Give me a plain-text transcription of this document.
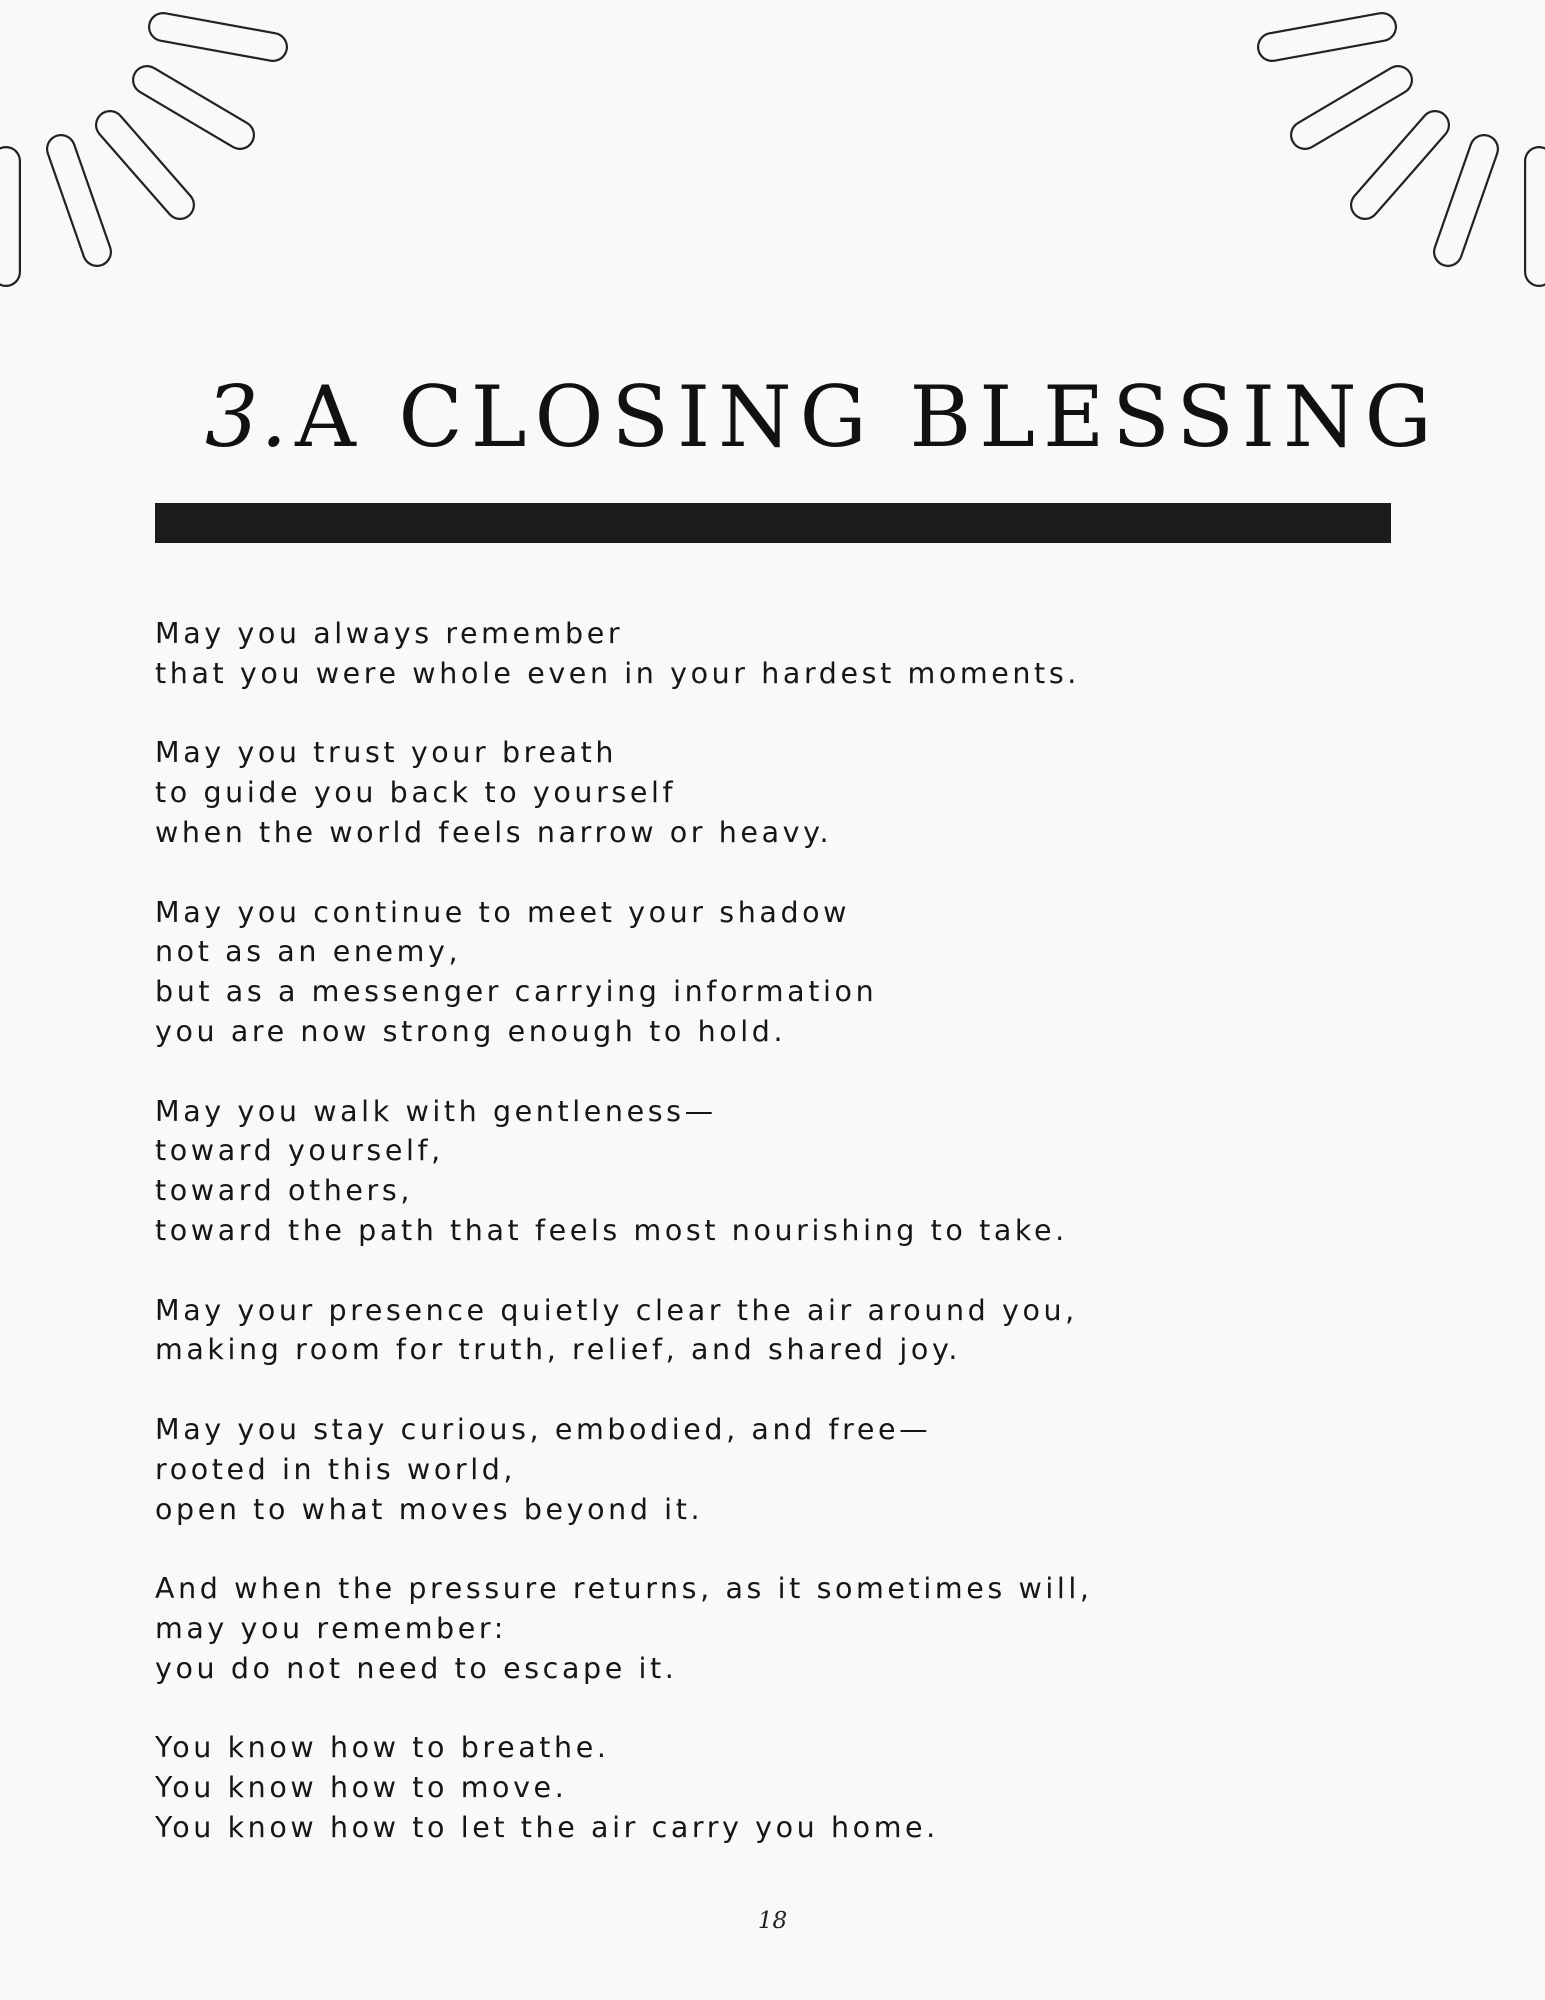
3.A CLOSING BLESSING

May you always remember
that you were whole even in your hardest moments.

May you trust your breath
to guide you back to yourself
when the world feels narrow or heavy.

May you continue to meet your shadow
not as an enemy,
but as a messenger carrying information
you are now strong enough to hold.

May you walk with gentleness—
toward yourself,
toward others,
toward the path that feels most nourishing to take.

May your presence quietly clear the air around you,
making room for truth, relief, and shared joy.

May you stay curious, embodied, and free—
rooted in this world,
open to what moves beyond it.

And when the pressure returns, as it sometimes will,
may you remember:
you do not need to escape it.

You know how to breathe.
You know how to move.
You know how to let the air carry you home.

18
